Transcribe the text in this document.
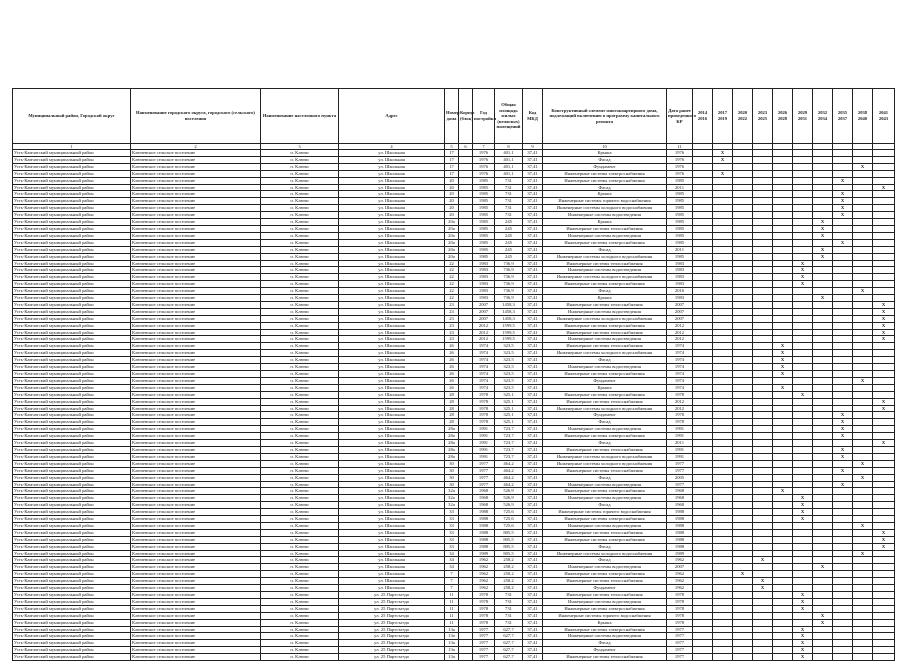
Муниципальный район, Городской округ	Наименование городского округа, городского (сельского) поселения	Наименование населенного пункта	Адрес	Номер дома	Корпус (блок)	Год постройки	Общая площадь жилых (нежилых) помещений	Код МКД	Конструктивный элемент многоквартирного дома, подлежащий включению в программу капитального ремонта	Дата ранее проведенного КР	2014 2016	2017 2019	2020 2022	2023 2025	2026 2028	2029 2031	2032 2034	2035 2037	2038 2040	2041 2043
1	2	3	4	5	6	7	8	9	10	11										
Усть-Камчатский муниципальный район	Ключевское сельское поселение	п. Ключи	ул. Школьная	17		1976	401,1	37,41	Крыша	1976		X								
Усть-Камчатский муниципальный район	Ключевское сельское поселение	п. Ключи	ул. Школьная	17		1976	401,1	37,41	Фасад	1976		X								
Усть-Камчатский муниципальный район	Ключевское сельское поселение	п. Ключи	ул. Школьная	17		1976	401,1	37,41	Фундамент	1976									X	
Усть-Камчатский муниципальный район	Ключевское сельское поселение	п. Ключи	ул. Школьная	17		1976	401,1	37,41	Инженерные системы электроснабжения	1976		X								
Усть-Камчатский муниципальный район	Ключевское сельское поселение	п. Ключи	ул. Школьная	20		1985	731	37,41	Инженерные системы электроснабжения	1985								X		
Усть-Камчатский муниципальный район	Ключевское сельское поселение	п. Ключи	ул. Школьная	20		1985	731	37,41	Фасад	2011										X
Усть-Камчатский муниципальный район	Ключевское сельское поселение	п. Ключи	ул. Школьная	20		1985	731	37,41	Крыша	1985								X		
Усть-Камчатский муниципальный район	Ключевское сельское поселение	п. Ключи	ул. Школьная	20		1985	731	37,41	Инженерные системы горячего водоснабжения	1985								X		
Усть-Камчатский муниципальный район	Ключевское сельское поселение	п. Ключи	ул. Школьная	20		1985	731	37,41	Инженерные системы холодного водоснабжения	1985								X		
Усть-Камчатский муниципальный район	Ключевское сельское поселение	п. Ключи	ул. Школьная	20		1985	731	37,41	Инженерные системы водоотведения	1985								X		
Усть-Камчатский муниципальный район	Ключевское сельское поселение	п. Ключи	ул. Школьная	20a		1985	245	37,41	Крыша	1985							X			
Усть-Камчатский муниципальный район	Ключевское сельское поселение	п. Ключи	ул. Школьная	20a		1985	245	37,41	Инженерные системы теплоснабжения	1985							X			
Усть-Камчатский муниципальный район	Ключевское сельское поселение	п. Ключи	ул. Школьная	20a		1985	245	37,41	Инженерные системы водоотведения	1985							X			
Усть-Камчатский муниципальный район	Ключевское сельское поселение	п. Ключи	ул. Школьная	20a		1985	245	37,41	Инженерные системы электроснабжения	1985								X		
Усть-Камчатский муниципальный район	Ключевское сельское поселение	п. Ключи	ул. Школьная	20a		1985	245	37,41	Фасад	2011							X			
Усть-Камчатский муниципальный район	Ключевское сельское поселение	п. Ключи	ул. Школьная	20a		1985	245	37,41	Инженерные системы холодного водоснабжения	1985							X			
Усть-Камчатский муниципальный район	Ключевское сельское поселение	п. Ключи	ул. Школьная	22		1983	736,9	37,41	Инженерные системы теплоснабжения	1983						X				
Усть-Камчатский муниципальный район	Ключевское сельское поселение	п. Ключи	ул. Школьная	22		1983	736,9	37,41	Инженерные системы водоотведения	1983						X				
Усть-Камчатский муниципальный район	Ключевское сельское поселение	п. Ключи	ул. Школьная	22		1983	736,9	37,41	Инженерные системы холодного водоснабжения	1983						X				
Усть-Камчатский муниципальный район	Ключевское сельское поселение	п. Ключи	ул. Школьная	22		1983	736,9	37,41	Инженерные системы электроснабжения	1983						X				
Усть-Камчатский муниципальный район	Ключевское сельское поселение	п. Ключи	ул. Школьная	22		1983	736,9	37,41	Фасад	2016									X	
Усть-Камчатский муниципальный район	Ключевское сельское поселение	п. Ключи	ул. Школьная	22		1983	736,9	37,41	Крыша	1983							X			
Усть-Камчатский муниципальный район	Ключевское сельское поселение	п. Ключи	ул. Школьная	23		2007	1458,3	37,41	Инженерные системы теплоснабжения	2007										X
Усть-Камчатский муниципальный район	Ключевское сельское поселение	п. Ключи	ул. Школьная	23		2007	1458,3	37,41	Инженерные системы водоотведения	2007										X
Усть-Камчатский муниципальный район	Ключевское сельское поселение	п. Ключи	ул. Школьная	23		2007	1458,3	37,41	Инженерные системы холодного водоснабжения	2007										X
Усть-Камчатский муниципальный район	Ключевское сельское поселение	п. Ключи	ул. Школьная	23		2012	1599,5	37,41	Инженерные системы электроснабжения	2012										X
Усть-Камчатский муниципальный район	Ключевское сельское поселение	п. Ключи	ул. Школьная	23		2012	1599,5	37,41	Инженерные системы теплоснабжения	2012										X
Усть-Камчатский муниципальный район	Ключевское сельское поселение	п. Ключи	ул. Школьная	23		2012	1599,5	37,41	Инженерные системы водоотведения	2012										X
Усть-Камчатский муниципальный район	Ключевское сельское поселение	п. Ключи	ул. Школьная	26		1974	323,5	37,41	Инженерные системы теплоснабжения	1974					X					
Усть-Камчатский муниципальный район	Ключевское сельское поселение	п. Ключи	ул. Школьная	26		1974	323,5	37,41	Инженерные системы холодного водоснабжения	1974					X					
Усть-Камчатский муниципальный район	Ключевское сельское поселение	п. Ключи	ул. Школьная	26		1974	323,5	37,41	Фасад	1974					X					
Усть-Камчатский муниципальный район	Ключевское сельское поселение	п. Ключи	ул. Школьная	26		1974	323,5	37,41	Инженерные системы водоотведения	1974					X					
Усть-Камчатский муниципальный район	Ключевское сельское поселение	п. Ключи	ул. Школьная	26		1974	323,5	37,41	Инженерные системы электроснабжения	1974					X					
Усть-Камчатский муниципальный район	Ключевское сельское поселение	п. Ключи	ул. Школьная	26		1974	323,5	37,41	Фундамент	1974									X	
Усть-Камчатский муниципальный район	Ключевское сельское поселение	п. Ключи	ул. Школьная	26		1974	323,5	37,41	Крыша	1974					X					
Усть-Камчатский муниципальный район	Ключевское сельское поселение	п. Ключи	ул. Школьная	28		1978	325,1	37,41	Инженерные системы электроснабжения	1978						X				
Усть-Камчатский муниципальный район	Ключевское сельское поселение	п. Ключи	ул. Школьная	28		1978	325,1	37,41	Инженерные системы теплоснабжения	2012										X
Усть-Камчатский муниципальный район	Ключевское сельское поселение	п. Ключи	ул. Школьная	28		1978	325,1	37,41	Инженерные системы холодного водоснабжения	2012										X
Усть-Камчатский муниципальный район	Ключевское сельское поселение	п. Ключи	ул. Школьная	28		1978	325,1	37,41	Фундамент	1978								X		
Усть-Камчатский муниципальный район	Ключевское сельское поселение	п. Ключи	ул. Школьная	28		1978	325,1	37,41	Фасад	1978								X		
Усть-Камчатский муниципальный район	Ключевское сельское поселение	п. Ключи	ул. Школьная	28a		1991	723,7	37,41	Инженерные системы водоотведения	1991								X		
Усть-Камчатский муниципальный район	Ключевское сельское поселение	п. Ключи	ул. Школьная	28a		1991	723,7	37,41	Инженерные системы электроснабжения	1991								X		
Усть-Камчатский муниципальный район	Ключевское сельское поселение	п. Ключи	ул. Школьная	28a		1991	723,7	37,41	Фасад	2011										X
Усть-Камчатский муниципальный район	Ключевское сельское поселение	п. Ключи	ул. Школьная	28a		1991	723,7	37,41	Инженерные системы теплоснабжения	1991								X		
Усть-Камчатский муниципальный район	Ключевское сельское поселение	п. Ключи	ул. Школьная	28a		1991	723,7	37,41	Инженерные системы холодного водоснабжения	1991								X		
Усть-Камчатский муниципальный район	Ключевское сельское поселение	п. Ключи	ул. Школьная	30		1977	464,2	37,41	Инженерные системы холодного водоснабжения	1977									X	
Усть-Камчатский муниципальный район	Ключевское сельское поселение	п. Ключи	ул. Школьная	30		1977	464,2	37,41	Инженерные системы теплоснабжения	1977								X		
Усть-Камчатский муниципальный район	Ключевское сельское поселение	п. Ключи	ул. Школьная	30		1977	464,2	37,41	Фасад	2005									X	
Усть-Камчатский муниципальный район	Ключевское сельское поселение	п. Ключи	ул. Школьная	30		1977	464,2	37,41	Инженерные системы водоотведения	1977								X		
Усть-Камчатский муниципальный район	Ключевское сельское поселение	п. Ключи	ул. Школьная	32a		1968	526,9	37,41	Инженерные системы электроснабжения	1968					X					
Усть-Камчатский муниципальный район	Ключевское сельское поселение	п. Ключи	ул. Школьная	32a		1968	526,9	37,41	Инженерные системы водоотведения	1968						X				
Усть-Камчатский муниципальный район	Ключевское сельское поселение	п. Ключи	ул. Школьная	32a		1968	526,9	37,41	Фасад	1968						X				
Усть-Камчатский муниципальный район	Ключевское сельское поселение	п. Ключи	ул. Школьная	33		1988	725,6	37,41	Инженерные системы горячего водоснабжения	1988						X				
Усть-Камчатский муниципальный район	Ключевское сельское поселение	п. Ключи	ул. Школьная	33		1988	725,6	37,41	Инженерные системы электроснабжения	1988						X				
Усть-Камчатский муниципальный район	Ключевское сельское поселение	п. Ключи	ул. Школьная	33		1988	725,6	37,41	Инженерные системы водоотведения	1988									X	
Усть-Камчатский муниципальный район	Ключевское сельское поселение	п. Ключи	ул. Школьная	33		1988	805,5	37,41	Инженерные системы теплоснабжения	1988										X
Усть-Камчатский муниципальный район	Ключевское сельское поселение	п. Ключи	ул. Школьная	33		1988	805,5	37,41	Инженерные системы электроснабжения	1988										X
Усть-Камчатский муниципальный район	Ключевское сельское поселение	п. Ключи	ул. Школьная	33		1988	805,5	37,41	Фасад	1988										X
Усть-Камчатский муниципальный район	Ключевское сельское поселение	п. Ключи	ул. Школьная	34		1989	805,5	37,41	Инженерные системы холодного водоснабжения	1989									X	
Усть-Камчатский муниципальный район	Ключевское сельское поселение	п. Ключи	ул. Школьная	34		1962	258,2	37,41	Фасад	1962				X						
Усть-Камчатский муниципальный район	Ключевское сельское поселение	п. Ключи	ул. Школьная	34		1962	258,2	37,41	Инженерные системы водоотведения	2007							X			
Усть-Камчатский муниципальный район	Ключевское сельское поселение	п. Ключи	ул. Школьная	7		1962	258,2	37,41	Инженерные системы электроснабжения	1962			X							
Усть-Камчатский муниципальный район	Ключевское сельское поселение	п. Ключи	ул. Школьная	7		1962	258,2	37,41	Инженерные системы теплоснабжения	1962				X						
Усть-Камчатский муниципальный район	Ключевское сельское поселение	п. Ключи	ул. Школьная	7		1962	258,2	37,41	Фундамент	1962				X						
Усть-Камчатский муниципальный район	Ключевское сельское поселение	п. Ключи	ул. 25 Партсъезда	11		1978	731	37,41	Инженерные системы теплоснабжения	1978						X				
Усть-Камчатский муниципальный район	Ключевское сельское поселение	п. Ключи	ул. 25 Партсъезда	11		1978	731	37,41	Инженерные системы водоотведения	1978						X				
Усть-Камчатский муниципальный район	Ключевское сельское поселение	п. Ключи	ул. 25 Партсъезда	11		1978	731	37,41	Инженерные системы электроснабжения	1978						X				
Усть-Камчатский муниципальный район	Ключевское сельское поселение	п. Ключи	ул. 25 Партсъезда	11		1978	731	37,41	Инженерные системы горячего водоснабжения	1978							X			
Усть-Камчатский муниципальный район	Ключевское сельское поселение	п. Ключи	ул. 25 Партсъезда	11		1978	731	37,41	Крыша	1978							X			
Усть-Камчатский муниципальный район	Ключевское сельское поселение	п. Ключи	ул. 25 Партсъезда	13a		1977	627,7	37,41	Инженерные системы электроснабжения	1977						X				
Усть-Камчатский муниципальный район	Ключевское сельское поселение	п. Ключи	ул. 25 Партсъезда	13a		1977	627,7	37,41	Инженерные системы водоотведения	1977						X				
Усть-Камчатский муниципальный район	Ключевское сельское поселение	п. Ключи	ул. 25 Партсъезда	13a		1977	627,7	37,41	Фасад	1977						X				
Усть-Камчатский муниципальный район	Ключевское сельское поселение	п. Ключи	ул. 25 Партсъезда	13a		1977	627,7	37,41	Фундамент	1977						X				
Усть-Камчатский муниципальный район	Ключевское сельское поселение	п. Ключи	ул. 25 Партсъезда	13a		1977	627,7	37,41	Инженерные системы теплоснабжения	1977						X				
